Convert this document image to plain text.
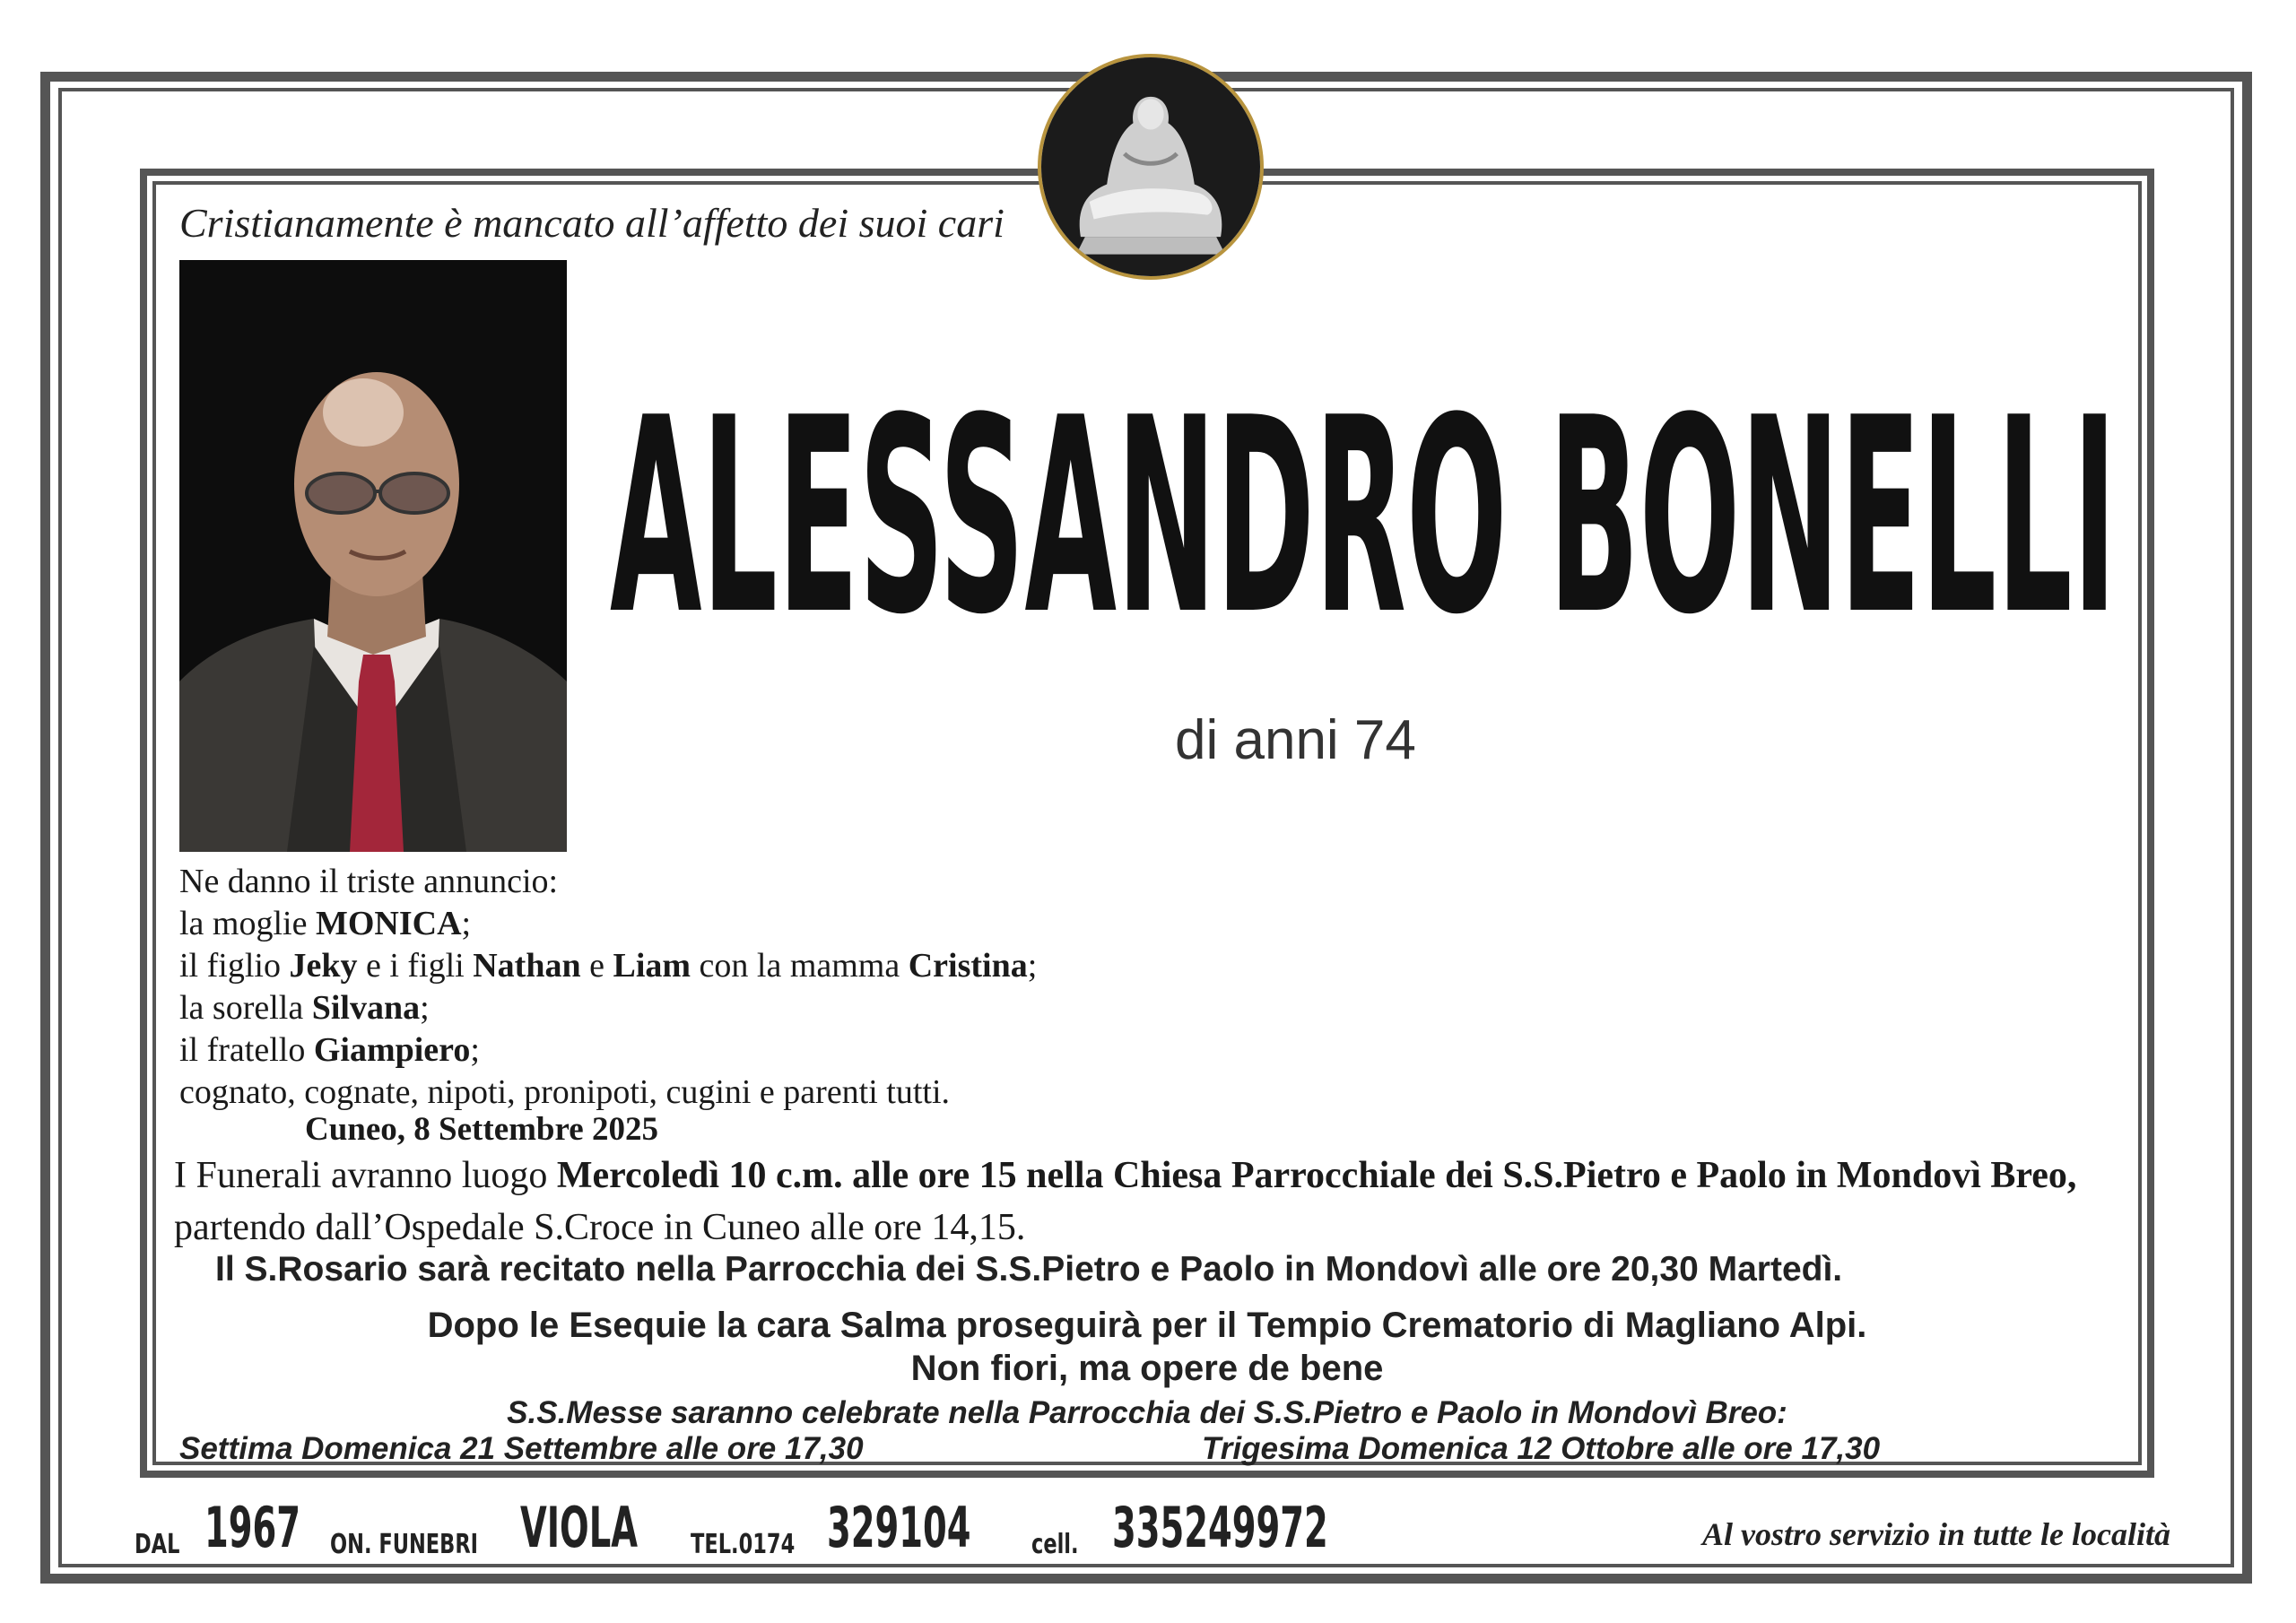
Cristianamente è mancato all’affetto dei suoi cari
ALESSANDRO BONELLI
di anni 74
Ne danno il triste annuncio:
la moglie MONICA;
il figlio Jeky e i figli Nathan e Liam con la mamma Cristina;
la sorella Silvana;
il fratello Giampiero;
cognato, cognate, nipoti, pronipoti, cugini e parenti tutti.
Cuneo, 8 Settembre 2025
I Funerali avranno luogo Mercoledì 10 c.m. alle ore 15 nella Chiesa Parrocchiale dei S.S.Pietro e Paolo in Mondovì Breo,
partendo dall’Ospedale S.Croce in Cuneo alle ore 14,15.
Il S.Rosario sarà recitato nella Parrocchia dei S.S.Pietro e Paolo in Mondovì alle ore 20,30 Martedì.
Dopo le Esequie la cara Salma proseguirà per il Tempio Crematorio di Magliano Alpi.
Non fiori, ma opere de bene
S.S.Messe saranno celebrate nella Parrocchia dei S.S.Pietro e Paolo in Mondovì Breo:
Settima Domenica 21 Settembre alle ore 17,30	Trigesima Domenica 12 Ottobre alle ore 17,30
DAL 1967 ON. FUNEBRI VIOLA TEL.0174 329104 cell. 335249972	Al vostro servizio in tutte le località
